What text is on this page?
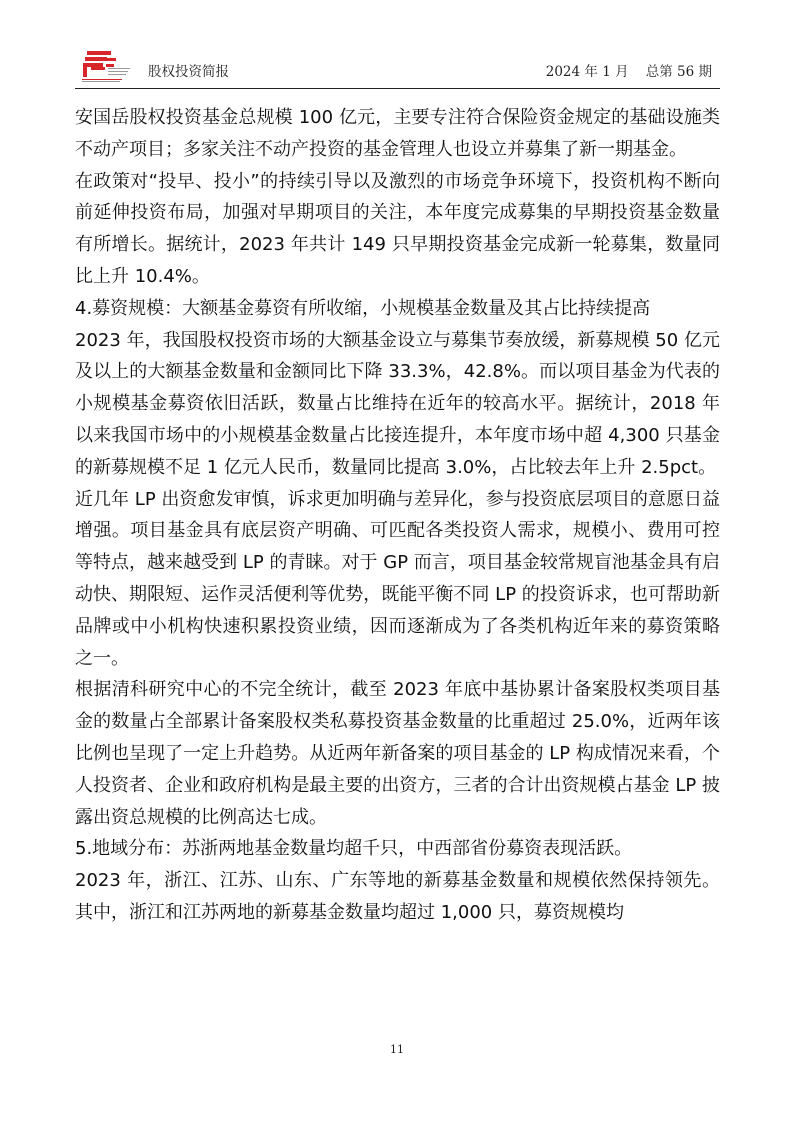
股权投资简报	2024 年 1 月    总第 56 期

安国岳股权投资基金总规模 100 亿元，主要专注符合保险资金规定的基础设施类不动产项目；多家关注不动产投资的基金管理人也设立并募集了新一期基金。

在政策对“投早、投小”的持续引导以及激烈的市场竞争环境下，投资机构不断向前延伸投资布局，加强对早期项目的关注，本年度完成募集的早期投资基金数量有所增长。据统计，2023 年共计 149 只早期投资基金完成新一轮募集，数量同比上升 10.4%。

4.募资规模：大额基金募资有所收缩，小规模基金数量及其占比持续提高

2023 年，我国股权投资市场的大额基金设立与募集节奏放缓，新募规模 50 亿元及以上的大额基金数量和金额同比下降 33.3%，42.8%。而以项目基金为代表的小规模基金募资依旧活跃，数量占比维持在近年的较高水平。据统计，2018 年以来我国市场中的小规模基金数量占比接连提升，本年度市场中超 4,300 只基金的新募规模不足 1 亿元人民币，数量同比提高 3.0%，占比较去年上升 2.5pct。

近几年 LP 出资愈发审慎，诉求更加明确与差异化，参与投资底层项目的意愿日益增强。项目基金具有底层资产明确、可匹配各类投资人需求，规模小、费用可控等特点，越来越受到 LP 的青睐。对于 GP 而言，项目基金较常规盲池基金具有启动快、期限短、运作灵活便利等优势，既能平衡不同 LP 的投资诉求，也可帮助新品牌或中小机构快速积累投资业绩，因而逐渐成为了各类机构近年来的募资策略之一。

根据清科研究中心的不完全统计，截至 2023 年底中基协累计备案股权类项目基金的数量占全部累计备案股权类私募投资基金数量的比重超过 25.0%，近两年该比例也呈现了一定上升趋势。从近两年新备案的项目基金的 LP 构成情况来看，个人投资者、企业和政府机构是最主要的出资方，三者的合计出资规模占基金 LP 披露出资总规模的比例高达七成。

5.地域分布：苏浙两地基金数量均超千只，中西部省份募资表现活跃。

2023 年，浙江、江苏、山东、广东等地的新募基金数量和规模依然保持领先。其中，浙江和江苏两地的新募基金数量均超过 1,000 只，募资规模均

11
